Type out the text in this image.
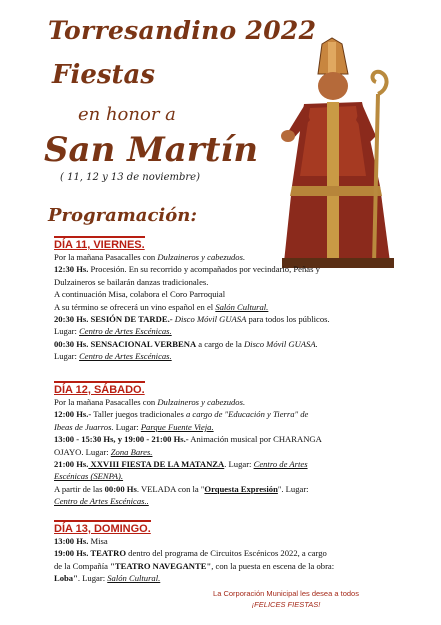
Torresandino 2022
Fiestas
en honor a
San Martín
( 11, 12 y 13 de noviembre)
Programación:
DÍA 11, VIERNES.

Por la mañana Pasacalles con Dulzaineros y cabezudos.

12:30 Hs. Procesión. En su recorrido y acompañados por vecindario, Peñas y

Dulzaineros se bailarán danzas tradicionales.

A continuación Misa, colabora el Coro Parroquial

A su término se ofrecerá un vino español en el Salón Cultural.

20:30 Hs. SESIÓN DE TARDE.- Disco Móvil GUASA para todos los públicos.

Lugar: Centro de Artes Escénicas.

00:30 Hs. SENSACIONAL VERBENA a cargo de la Disco Móvil GUASA.

Lugar: Centro de Artes Escénicas.

DÍA 12, SÁBADO.

Por la mañana Pasacalles con Dulzaineros y cabezudos.

12:00 Hs.- Taller juegos tradicionales a cargo de "Educación y Tierra" de

Ibeas de Juarros. Lugar: Parque Fuente Vieja.

13:00 - 15:30 Hs, y 19:00 - 21:00 Hs.- Animación musical por CHARANGA

OJAYO. Lugar: Zona Bares.

21:00 Hs. XXVIII FIESTA DE LA MATANZA. Lugar: Centro de Artes

Escénicas (SENPA).

A partir de las 00:00 Hs. VELADA con la "Orquesta Expresión". Lugar:

Centro de Artes Escénicas..

DÍA 13, DOMINGO.

13:00 Hs. Misa

19:00 Hs. TEATRO dentro del programa de Circuitos Escénicos 2022, a cargo

de la Compañía "TEATRO NAVEGANTE", con la puesta en escena de la obra:

Loba". Lugar: Salón Cultural.

La Corporación Municipal les desea a todos
¡FELICES FIESTAS!
